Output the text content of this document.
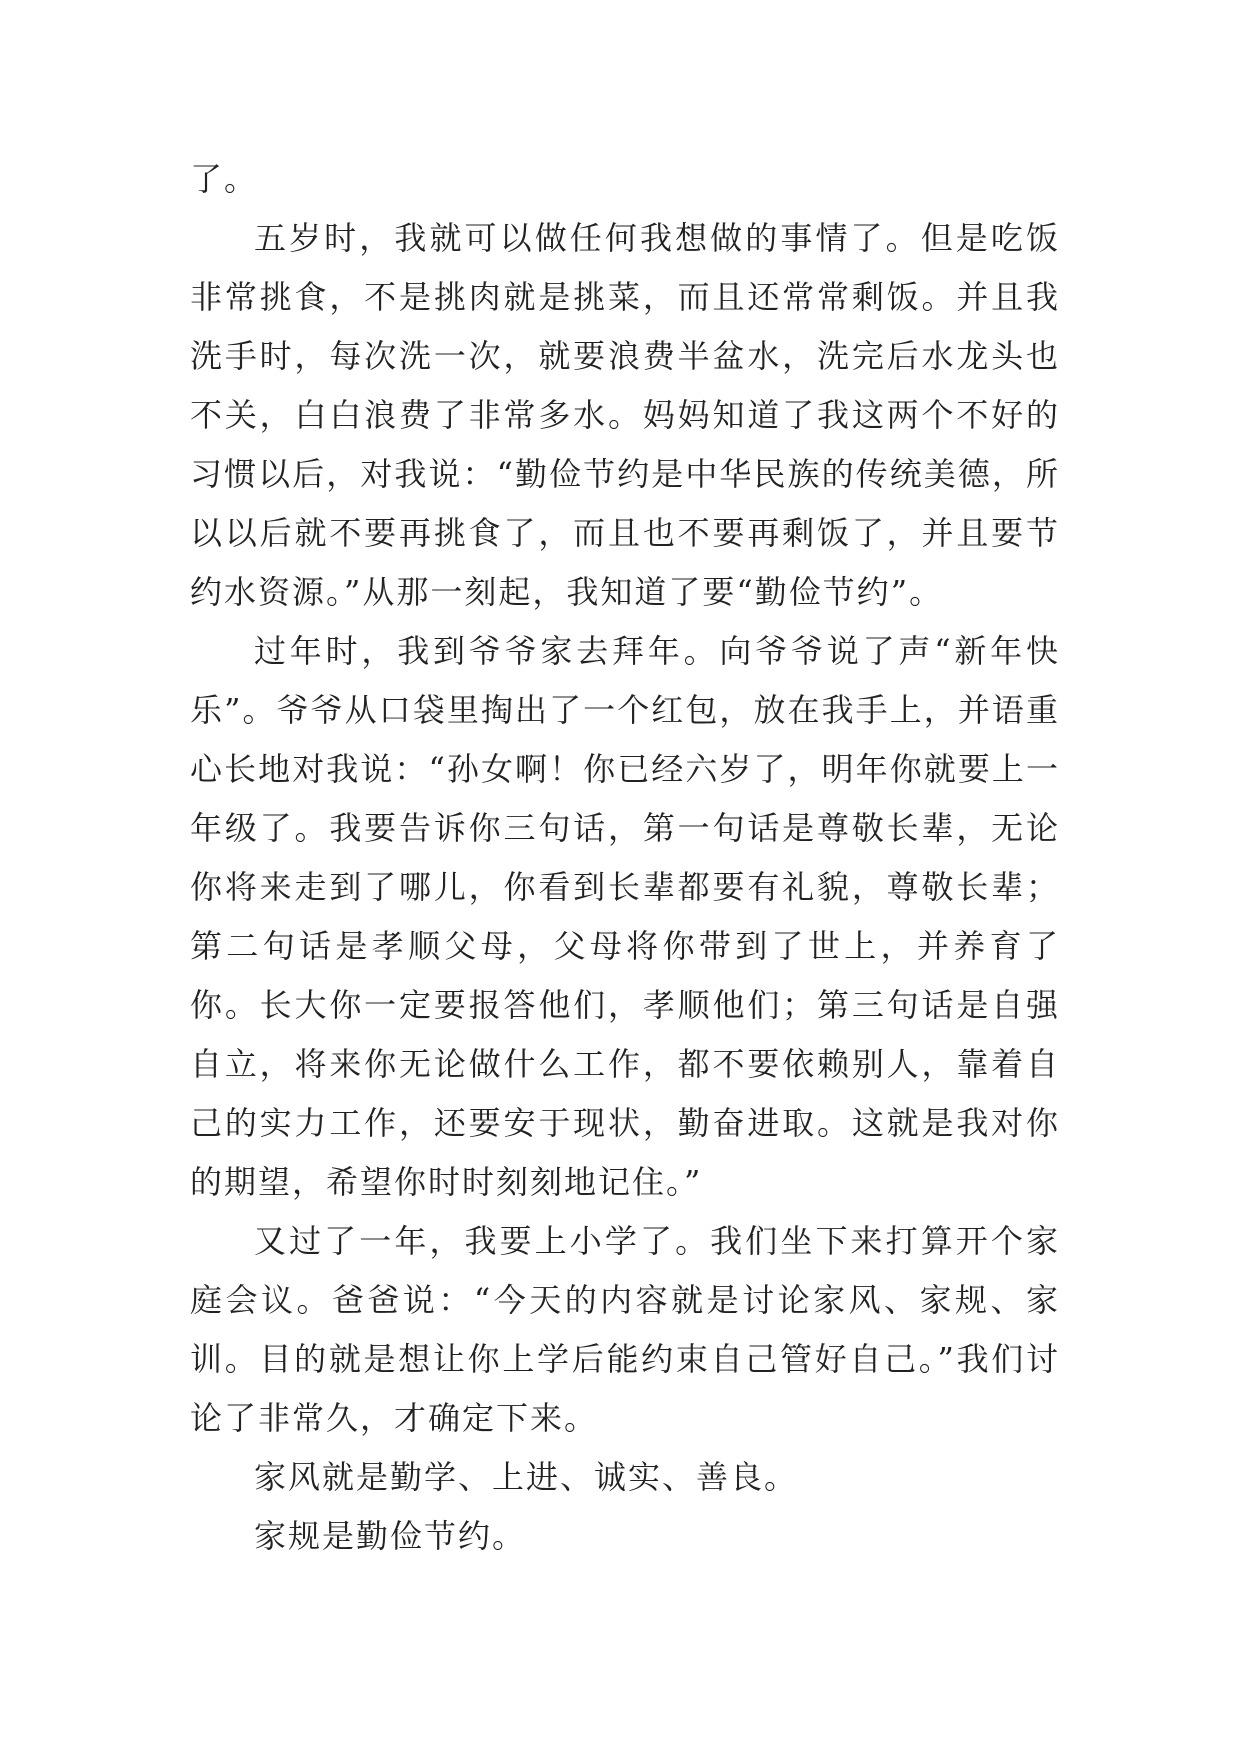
了。

五岁时，我就可以做任何我想做的事情了。但是吃饭非常挑食，不是挑肉就是挑菜，而且还常常剩饭。并且我洗手时，每次洗一次，就要浪费半盆水，洗完后水龙头也不关，白白浪费了非常多水。妈妈知道了我这两个不好的习惯以后，对我说：“勤俭节约是中华民族的传统美德，所以以后就不要再挑食了，而且也不要再剩饭了，并且要节约水资源。”从那一刻起，我知道了要“勤俭节约”。

过年时，我到爷爷家去拜年。向爷爷说了声“新年快乐”。爷爷从口袋里掏出了一个红包，放在我手上，并语重心长地对我说：“孙女啊！你已经六岁了，明年你就要上一年级了。我要告诉你三句话，第一句话是尊敬长辈，无论你将来走到了哪儿，你看到长辈都要有礼貌，尊敬长辈；第二句话是孝顺父母，父母将你带到了世上，并养育了你。长大你一定要报答他们，孝顺他们；第三句话是自强自立，将来你无论做什么工作，都不要依赖别人，靠着自己的实力工作，还要安于现状，勤奋进取。这就是我对你的期望，希望你时时刻刻地记住。”

又过了一年，我要上小学了。我们坐下来打算开个家庭会议。爸爸说：“今天的内容就是讨论家风、家规、家训。目的就是想让你上学后能约束自己管好自己。”我们讨论了非常久，才确定下来。

家风就是勤学、上进、诚实、善良。

家规是勤俭节约。
